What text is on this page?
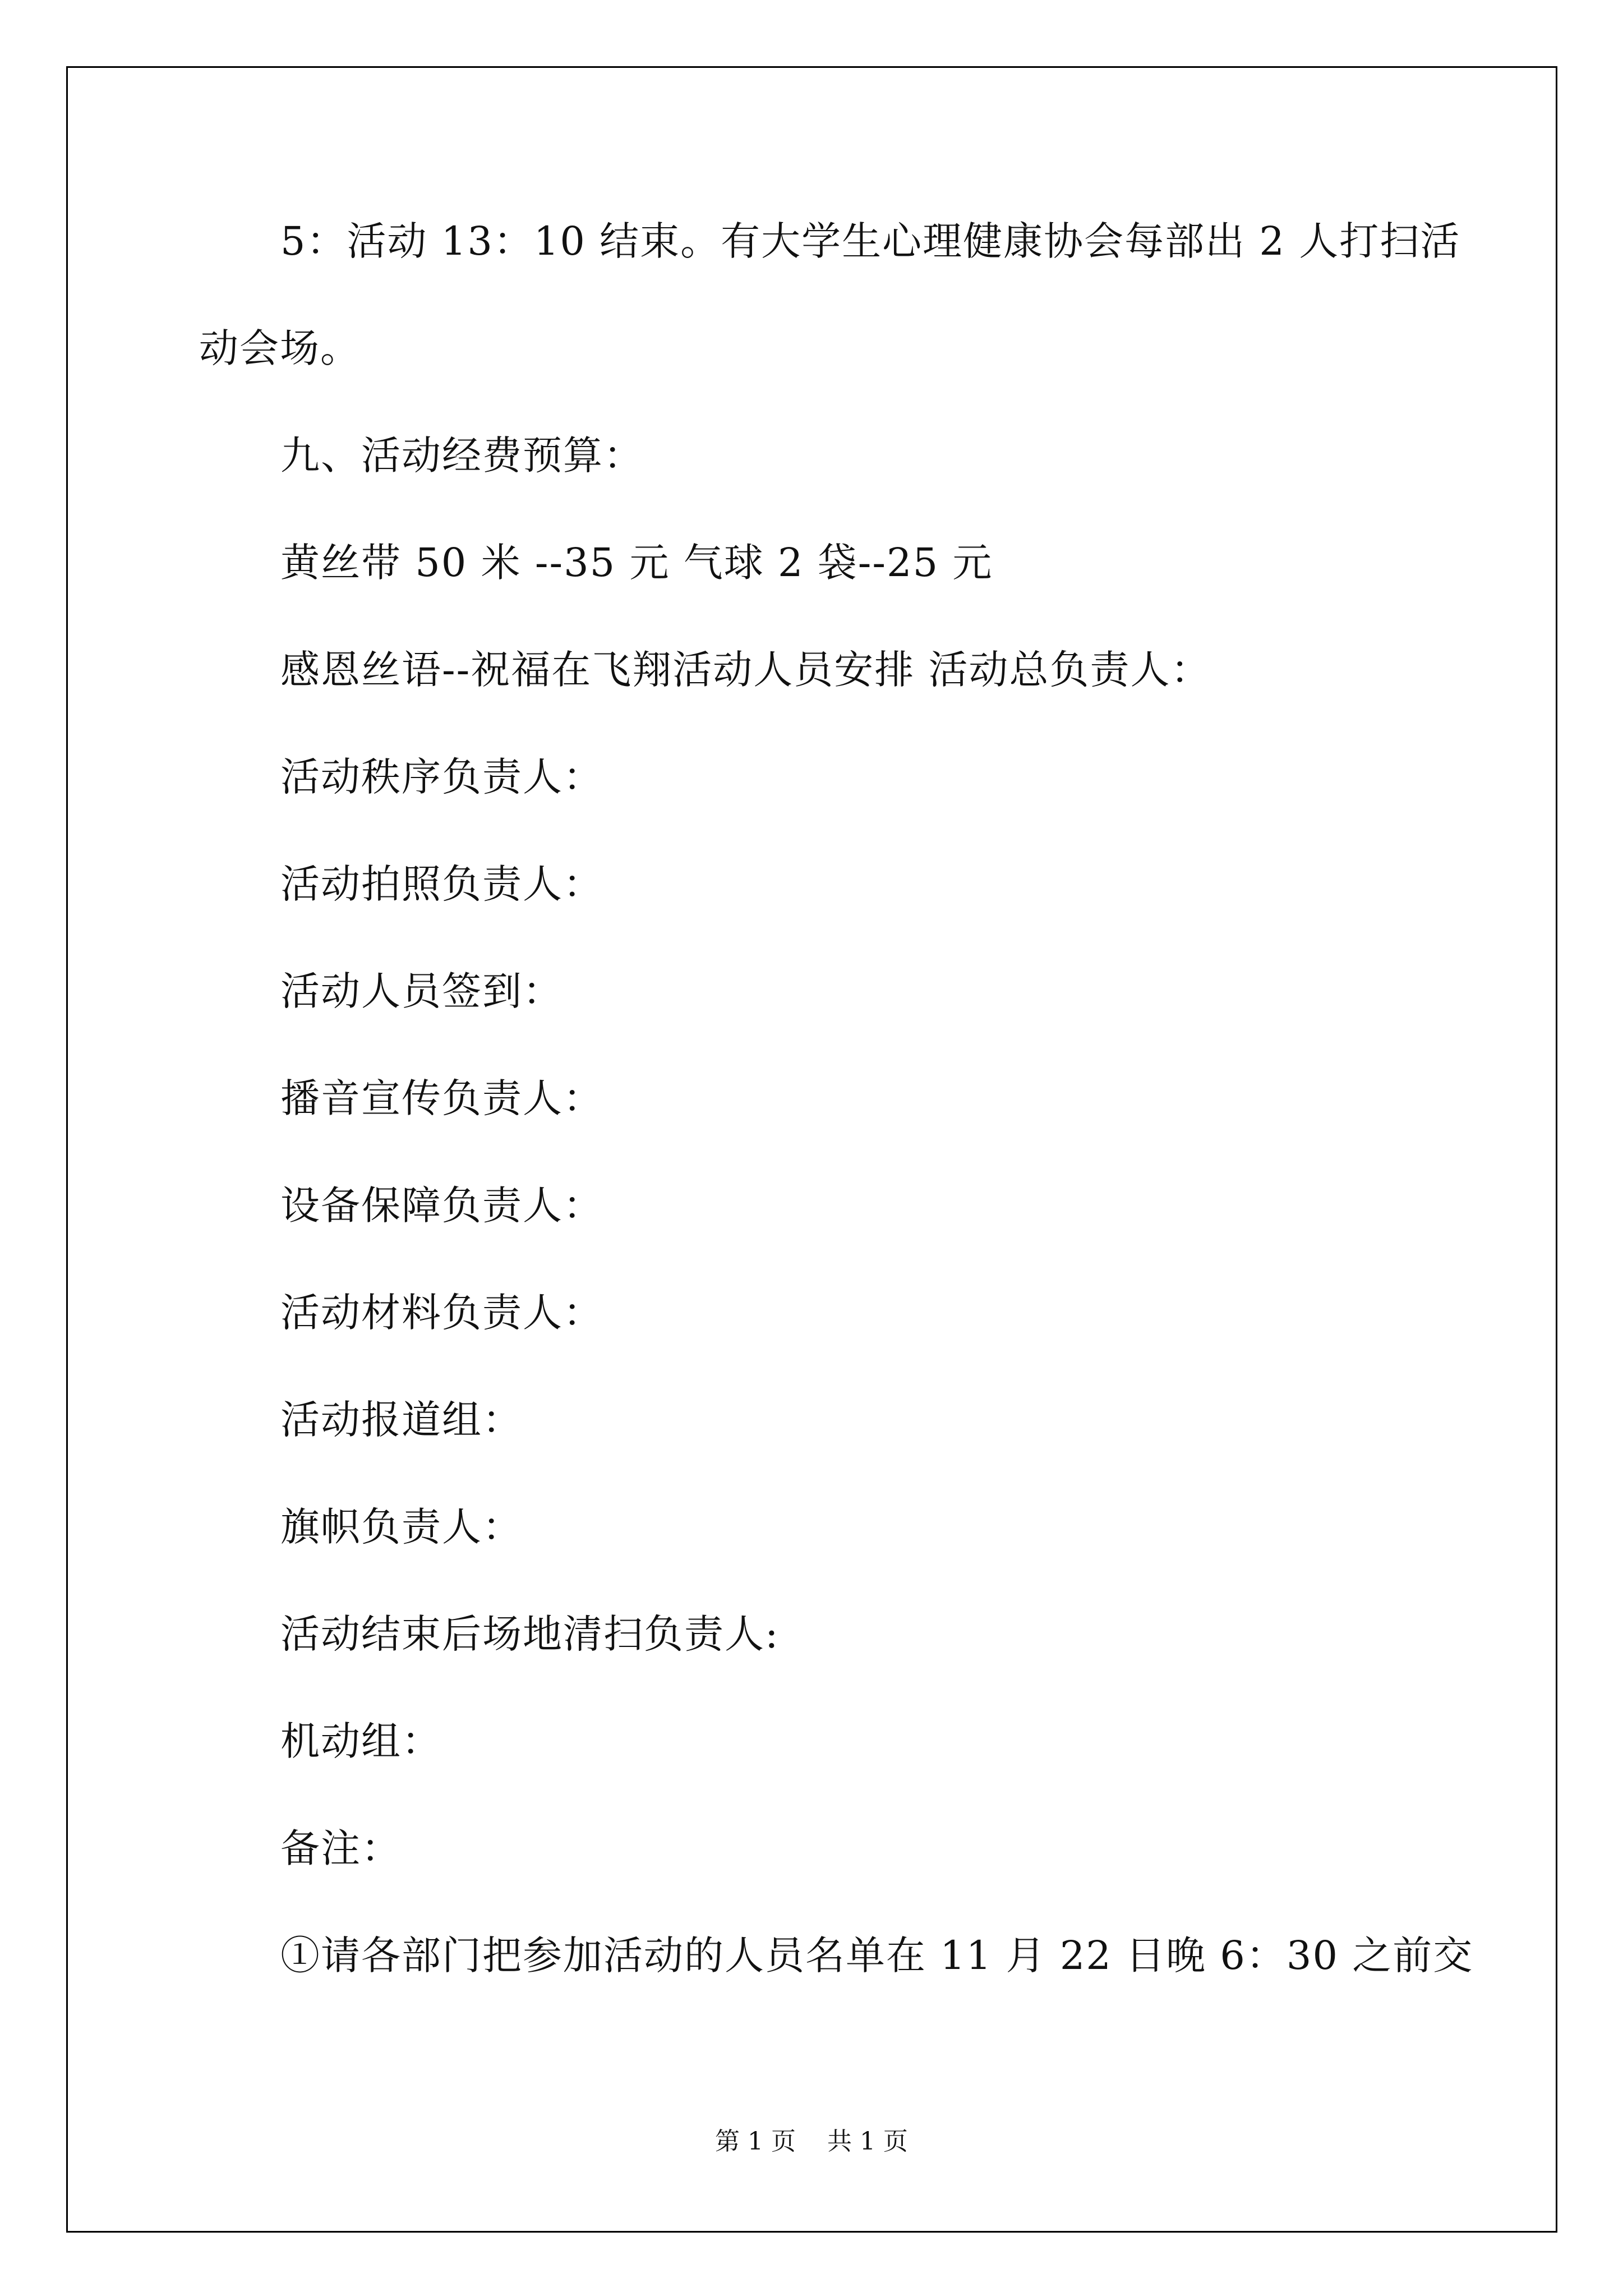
5：活动 13：10 结束。有大学生心理健康协会每部出 2 人打扫活
动会场。
九、活动经费预算：
黄丝带 50 米 --35 元 气球 2 袋--25 元
感恩丝语--祝福在飞翔活动人员安排 活动总负责人：
活动秩序负责人：
活动拍照负责人：
活动人员签到：
播音宣传负责人：
设备保障负责人：
活动材料负责人：
活动报道组：
旗帜负责人：
活动结束后场地清扫负责人:
机动组：
备注：
①请各部门把参加活动的人员名单在 11 月 22 日晚 6：30 之前交
第 1 页    共 1 页
